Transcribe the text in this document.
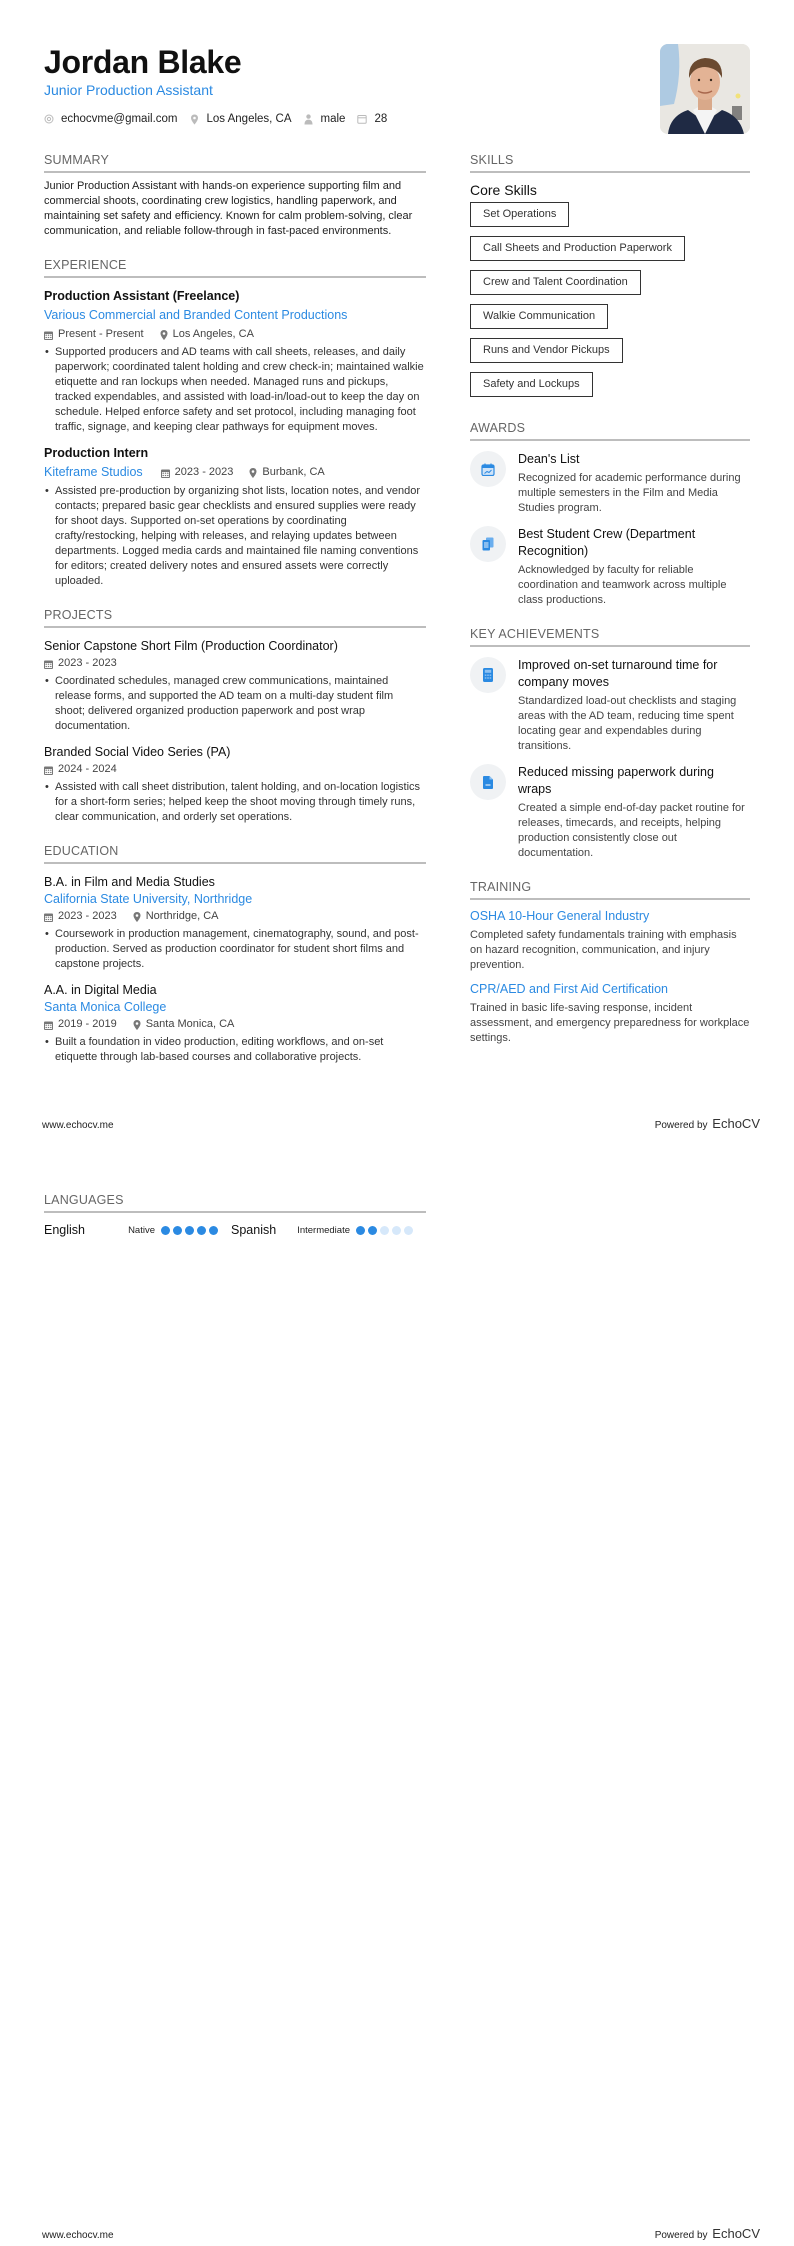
Jordan Blake
Junior Production Assistant
echocvme@gmail.com	Los Angeles, CA	male	28
SUMMARY
Junior Production Assistant with hands-on experience supporting film and commercial shoots, coordinating crew logistics, handling paperwork, and maintaining set safety and efficiency. Known for calm problem-solving, clear communication, and reliable follow-through in fast-paced environments.
EXPERIENCE
Production Assistant (Freelance)
Various Commercial and Branded Content Productions
Present - Present	Los Angeles, CA
• Supported producers and AD teams with call sheets, releases, and daily paperwork; coordinated talent holding and crew check-in; maintained walkie etiquette and ran lockups when needed. Managed runs and pickups, tracked expendables, and assisted with load-in/load-out to keep the day on schedule. Helped enforce safety and set protocol, including managing foot traffic, signage, and keeping clear pathways for equipment moves.
Production Intern
Kiteframe Studios	2023 - 2023	Burbank, CA
• Assisted pre-production by organizing shot lists, location notes, and vendor contacts; prepared basic gear checklists and ensured supplies were ready for shoot days. Supported on-set operations by coordinating crafty/restocking, helping with releases, and relaying updates between departments. Logged media cards and maintained file naming conventions for editors; created delivery notes and ensured assets were correctly uploaded.
PROJECTS
Senior Capstone Short Film (Production Coordinator)
2023 - 2023
• Coordinated schedules, managed crew communications, maintained release forms, and supported the AD team on a multi-day student film shoot; delivered organized production paperwork and post wrap documentation.
Branded Social Video Series (PA)
2024 - 2024
• Assisted with call sheet distribution, talent holding, and on-location logistics for a short-form series; helped keep the shoot moving through timely runs, clear communication, and orderly set operations.
EDUCATION
B.A. in Film and Media Studies
California State University, Northridge
2023 - 2023	Northridge, CA
• Coursework in production management, cinematography, sound, and post-production. Served as production coordinator for student short films and capstone projects.
A.A. in Digital Media
Santa Monica College
2019 - 2019	Santa Monica, CA
• Built a foundation in video production, editing workflows, and on-set etiquette through lab-based courses and collaborative projects.
SKILLS
Core Skills
Set Operations
Call Sheets and Production Paperwork
Crew and Talent Coordination
Walkie Communication
Runs and Vendor Pickups
Safety and Lockups
AWARDS
Dean's List
Recognized for academic performance during multiple semesters in the Film and Media Studies program.
Best Student Crew (Department Recognition)
Acknowledged by faculty for reliable coordination and teamwork across multiple class productions.
KEY ACHIEVEMENTS
Improved on-set turnaround time for company moves
Standardized load-out checklists and staging areas with the AD team, reducing time spent locating gear and expendables during transitions.
Reduced missing paperwork during wraps
Created a simple end-of-day packet routine for releases, timecards, and receipts, helping production consistently close out documentation.
TRAINING
OSHA 10-Hour General Industry
Completed safety fundamentals training with emphasis on hazard recognition, communication, and injury prevention.
CPR/AED and First Aid Certification
Trained in basic life-saving response, incident assessment, and emergency preparedness for workplace settings.
www.echocv.me	Powered by EchoCV
LANGUAGES
English	Native	Spanish Intermediate
www.echocv.me	Powered by EchoCV
